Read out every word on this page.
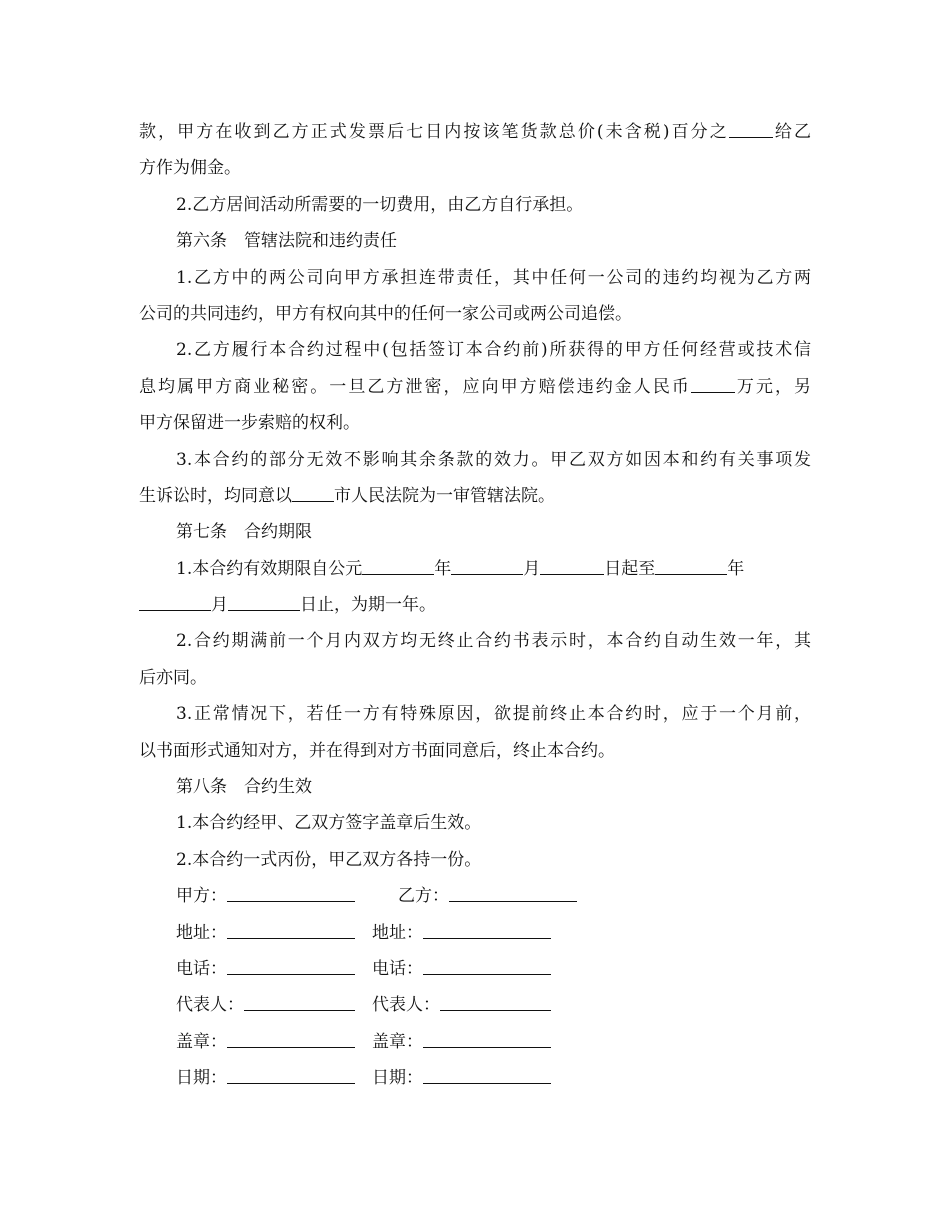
款，甲方在收到乙方正式发票后七日内按该笔货款总价(未含税)百分之	给乙
方作为佣金。
2.乙方居间活动所需要的一切费用，由乙方自行承担。
第六条　管辖法院和违约责任
1.乙方中的两公司向甲方承担连带责任，其中任何一公司的违约均视为乙方两
公司的共同违约，甲方有权向其中的任何一家公司或两公司追偿。
2.乙方履行本合约过程中(包括签订本合约前)所获得的甲方任何经营或技术信
息均属甲方商业秘密。一旦乙方泄密，应向甲方赔偿违约金人民币	万元，另
甲方保留进一步索赔的权利。
3.本合约的部分无效不影响其余条款的效力。甲乙双方如因本和约有关事项发
生诉讼时，均同意以 市人民法院为一审管辖法院。
第七条　合约期限
1.本合约有效期限自公元	年	月	日起至	年
月	日止，为期一年。
2.合约期满前一个月内双方均无终止合约书表示时，本合约自动生效一年，其
后亦同。
3.正常情况下，若任一方有特殊原因，欲提前终止本合约时，应于一个月前，
以书面形式通知对方，并在得到对方书面同意后，终止本合约。
第八条　合约生效
1.本合约经甲、乙双方签字盖章后生效。
2.本合约一式丙份，甲乙双方各持一份。
甲方：	乙方：
地址：	地址：
电话：	电话：
代表人：	代表人：
盖章：	盖章：
日期：	日期：
